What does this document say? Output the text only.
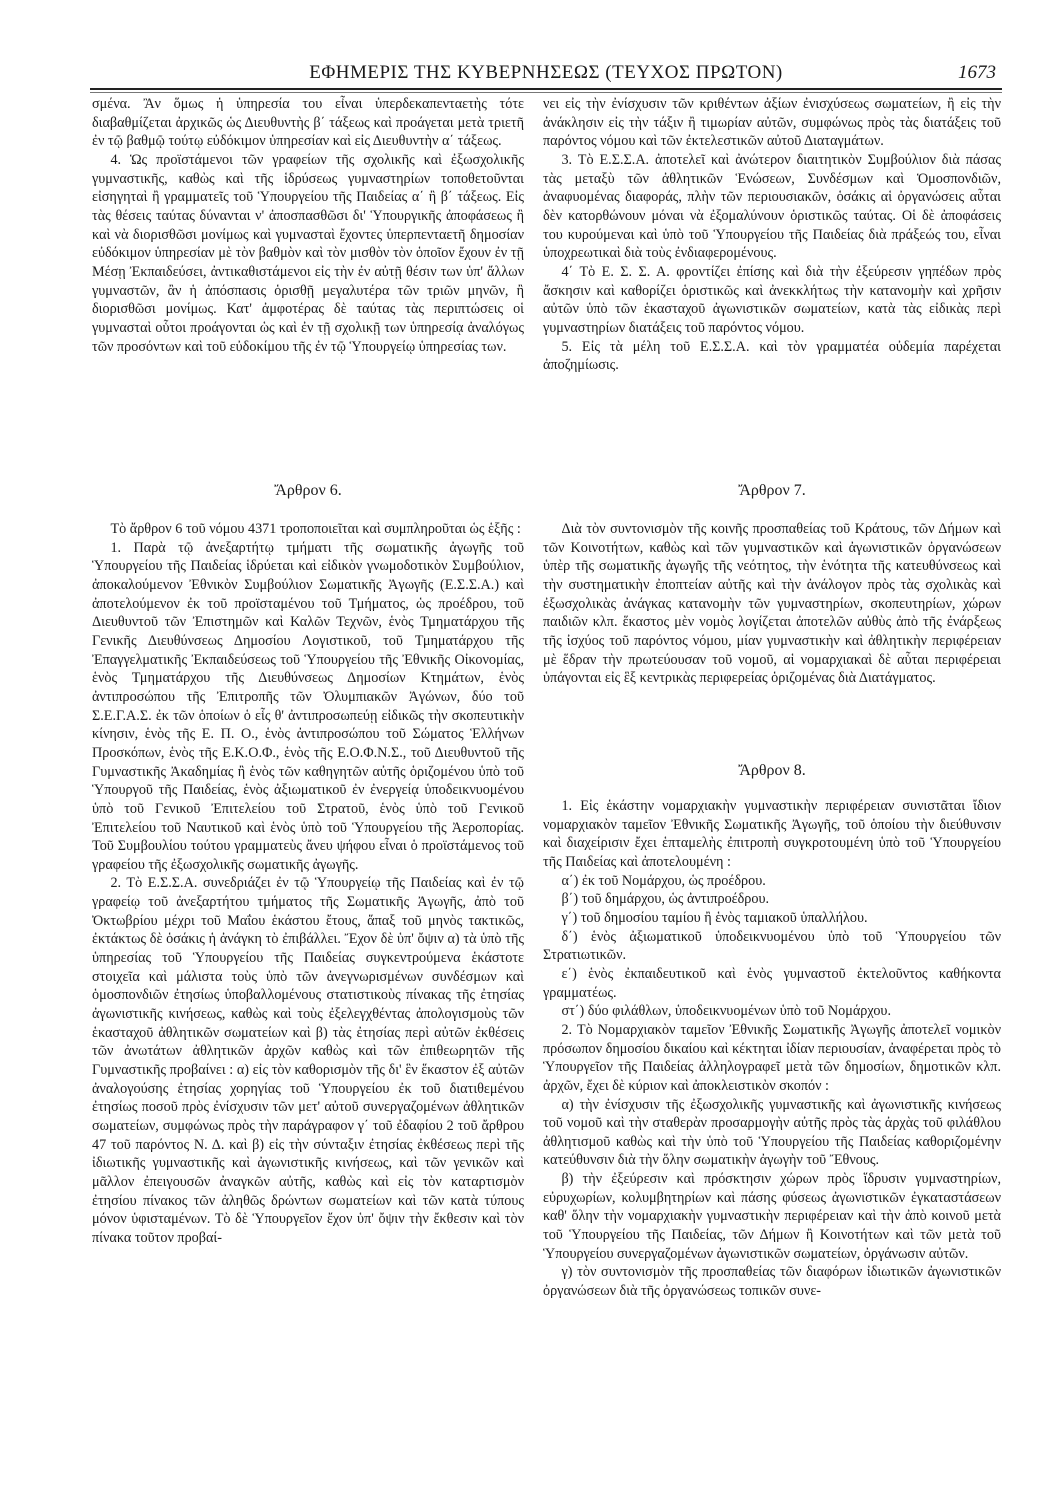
ΕΦΗΜΕΡΙΣ ΤΗΣ ΚΥΒΕΡΝΗΣΕΩΣ (ΤΕΥΧΟΣ ΠΡΩΤΟΝ)	1673

σμένα. Ἂν ὅμως ἡ ὑπηρεσία του εἶναι ὑπερδεκαπενταετὴς τότε διαβαθμίζεται ἀρχικῶς ὡς Διευθυντὴς β΄ τάξεως καὶ προάγεται μετὰ τριετῆ ἐν τῷ βαθμῷ τούτῳ εὐδόκιμον ὑπηρεσίαν καὶ εἰς Διευθυντὴν α΄ τάξεως.

4. Ὡς προϊστάμενοι τῶν γραφείων τῆς σχολικῆς καὶ ἐξωσχολικῆς γυμναστικῆς, καθὼς καὶ τῆς ἱδρύσεως γυμναστηρίων τοποθετοῦνται εἰσηγηταὶ ἢ γραμματεῖς τοῦ Ὑπουργείου τῆς Παιδείας α΄ ἢ β΄ τάξεως. Εἰς τὰς θέσεις ταύτας δύνανται ν' ἀποσπασθῶσι δι' Ὑπουργικῆς ἀποφάσεως ἢ καὶ νὰ διορισθῶσι μονίμως καὶ γυμνασταὶ ἔχοντες ὑπερπενταετῆ δημοσίαν εὐδόκιμον ὑπηρεσίαν μὲ τὸν βαθμὸν καὶ τὸν μισθὸν τὸν ὁποῖον ἔχουν ἐν τῇ Μέσῃ Ἐκπαιδεύσει, ἀντικαθιστάμενοι εἰς τὴν ἐν αὐτῇ θέσιν των ὑπ' ἄλλων γυμναστῶν, ἂν ἡ ἀπόσπασις ὁρισθῇ μεγαλυτέρα τῶν τριῶν μηνῶν, ἢ διορισθῶσι μονίμως. Κατ' ἀμφοτέρας δὲ ταύτας τὰς περιπτώσεις οἱ γυμνασταὶ οὗτοι προάγονται ὡς καὶ ἐν τῇ σχολικῇ των ὑπηρεσίᾳ ἀναλόγως τῶν προσόντων καὶ τοῦ εὐδοκίμου τῆς ἐν τῷ Ὑπουργείῳ ὑπηρεσίας των.

Ἄρθρον 6.

Τὸ ἄρθρον 6 τοῦ νόμου 4371 τροποποιεῖται καὶ συμπληροῦται ὡς ἑξῆς :

1. Παρὰ τῷ ἀνεξαρτήτῳ τμήματι τῆς σωματικῆς ἀγωγῆς τοῦ Ὑπουργείου τῆς Παιδείας ἱδρύεται καὶ εἰδικὸν γνωμοδοτικὸν Συμβούλιον, ἀποκαλούμενον Ἐθνικὸν Συμβούλιον Σωματικῆς Ἀγωγῆς (Ε.Σ.Σ.Α.) καὶ ἀποτελούμενον ἐκ τοῦ προϊσταμένου τοῦ Τμήματος, ὡς προέδρου, τοῦ Διευθυντοῦ τῶν Ἐπιστημῶν καὶ Καλῶν Τεχνῶν, ἑνὸς Τμηματάρχου τῆς Γενικῆς Διευθύνσεως Δημοσίου Λογιστικοῦ, τοῦ Τμηματάρχου τῆς Ἐπαγγελματικῆς Ἐκπαιδεύσεως τοῦ Ὑπουργείου τῆς Ἐθνικῆς Οἰκονομίας, ἑνὸς Τμηματάρχου τῆς Διευθύνσεως Δημοσίων Κτημάτων, ἑνὸς ἀντιπροσώπου τῆς Ἐπιτροπῆς τῶν Ὀλυμπιακῶν Ἀγώνων, δύο τοῦ Σ.Ε.Γ.Α.Σ. ἐκ τῶν ὁποίων ὁ εἷς θ' ἀντιπροσωπεύῃ εἰδικῶς τὴν σκοπευτικὴν κίνησιν, ἑνὸς τῆς Ε. Π. Ο., ἑνὸς ἀντιπροσώπου τοῦ Σώματος Ἑλλήνων Προσκόπων, ἑνὸς τῆς Ε.Κ.Ο.Φ., ἑνὸς τῆς Ε.Ο.Φ.Ν.Σ., τοῦ Διευθυντοῦ τῆς Γυμναστικῆς Ἀκαδημίας ἢ ἑνὸς τῶν καθηγητῶν αὐτῆς ὁριζομένου ὑπὸ τοῦ Ὑπουργοῦ τῆς Παιδείας, ἑνὸς ἀξιωματικοῦ ἐν ἐνεργείᾳ ὑποδεικνυομένου ὑπὸ τοῦ Γενικοῦ Ἐπιτελείου τοῦ Στρατοῦ, ἑνὸς ὑπὸ τοῦ Γενικοῦ Ἐπιτελείου τοῦ Ναυτικοῦ καὶ ἑνὸς ὑπὸ τοῦ Ὑπουργείου τῆς Ἀεροπορίας. Τοῦ Συμβουλίου τούτου γραμματεὺς ἄνευ ψήφου εἶναι ὁ προϊστάμενος τοῦ γραφείου τῆς ἐξωσχολικῆς σωματικῆς ἀγωγῆς.

2. Τὸ Ε.Σ.Σ.Α. συνεδριάζει ἐν τῷ Ὑπουργείῳ τῆς Παιδείας καὶ ἐν τῷ γραφείῳ τοῦ ἀνεξαρτήτου τμήματος τῆς Σωματικῆς Ἀγωγῆς, ἀπὸ τοῦ Ὀκτωβρίου μέχρι τοῦ Μαΐου ἑκάστου ἔτους, ἅπαξ τοῦ μηνὸς τακτικῶς, ἐκτάκτως δὲ ὁσάκις ἡ ἀνάγκη τὸ ἐπιβάλλει. Ἔχον δὲ ὑπ' ὄψιν α) τὰ ὑπὸ τῆς ὑπηρεσίας τοῦ Ὑπουργείου τῆς Παιδείας συγκεντρούμενα ἑκάστοτε στοιχεῖα καὶ μάλιστα τοὺς ὑπὸ τῶν ἀνεγνωρισμένων συνδέσμων καὶ ὁμοσπονδιῶν ἐτησίως ὑποβαλλομένους στατιστικοὺς πίνακας τῆς ἐτησίας ἀγωνιστικῆς κινήσεως, καθὼς καὶ τοὺς ἐξελεγχθέντας ἀπολογισμοὺς τῶν ἑκασταχοῦ ἀθλητικῶν σωματείων καὶ β) τὰς ἐτησίας περὶ αὐτῶν ἐκθέσεις τῶν ἀνωτάτων ἀθλητικῶν ἀρχῶν καθὼς καὶ τῶν ἐπιθεωρητῶν τῆς Γυμναστικῆς προβαίνει : α) εἰς τὸν καθορισμὸν τῆς δι' ἓν ἕκαστον ἐξ αὐτῶν ἀναλογούσης ἐτησίας χορηγίας τοῦ Ὑπουργείου ἐκ τοῦ διατιθεμένου ἐτησίως ποσοῦ πρὸς ἐνίσχυσιν τῶν μετ' αὐτοῦ συνεργαζομένων ἀθλητικῶν σωματείων, συμφώνως πρὸς τὴν παράγραφον γ΄ τοῦ ἐδαφίου 2 τοῦ ἄρθρου 47 τοῦ παρόντος Ν. Δ. καὶ β) εἰς τὴν σύνταξιν ἐτησίας ἐκθέσεως περὶ τῆς ἰδιωτικῆς γυμναστικῆς καὶ ἀγωνιστικῆς κινήσεως, καὶ τῶν γενικῶν καὶ μᾶλλον ἐπειγουσῶν ἀναγκῶν αὐτῆς, καθὼς καὶ εἰς τὸν καταρτισμὸν ἐτησίου πίνακος τῶν ἀληθῶς δρώντων σωματείων καὶ τῶν κατὰ τύπους μόνον ὑφισταμένων. Τὸ δὲ Ὑπουργεῖον ἔχον ὑπ' ὄψιν τὴν ἔκθεσιν καὶ τὸν πίνακα τοῦτον προβαί-

νει εἰς τὴν ἐνίσχυσιν τῶν κριθέντων ἀξίων ἐνισχύσεως σωματείων, ἢ εἰς τὴν ἀνάκλησιν εἰς τὴν τάξιν ἢ τιμωρίαν αὐτῶν, συμφώνως πρὸς τὰς διατάξεις τοῦ παρόντος νόμου καὶ τῶν ἐκτελεστικῶν αὐτοῦ Διαταγμάτων.

3. Τὸ Ε.Σ.Σ.Α. ἀποτελεῖ καὶ ἀνώτερον διαιτητικὸν Συμβούλιον διὰ πάσας τὰς μεταξὺ τῶν ἀθλητικῶν Ἑνώσεων, Συνδέσμων καὶ Ὁμοσπονδιῶν, ἀναφυομένας διαφοράς, πλὴν τῶν περιουσιακῶν, ὁσάκις αἱ ὀργανώσεις αὗται δὲν κατορθώνουν μόναι νὰ ἐξομαλύνουν ὁριστικῶς ταύτας. Οἱ δὲ ἀποφάσεις του κυρούμεναι καὶ ὑπὸ τοῦ Ὑπουργείου τῆς Παιδείας διὰ πράξεώς του, εἶναι ὑποχρεωτικαὶ διὰ τοὺς ἐνδιαφερομένους.

4΄ Τὸ Ε. Σ. Σ. Α. φροντίζει ἐπίσης καὶ διὰ τὴν ἐξεύρεσιν γηπέδων πρὸς ἄσκησιν καὶ καθορίζει ὁριστικῶς καὶ ἀνεκκλήτως τὴν κατανομὴν καὶ χρῆσιν αὐτῶν ὑπὸ τῶν ἑκασταχοῦ ἀγωνιστικῶν σωματείων, κατὰ τὰς εἰδικὰς περὶ γυμναστηρίων διατάξεις τοῦ παρόντος νόμου.

5. Εἰς τὰ μέλη τοῦ Ε.Σ.Σ.Α. καὶ τὸν γραμματέα οὐδεμία παρέχεται ἀποζημίωσις.

Ἄρθρον 7.

Διὰ τὸν συντονισμὸν τῆς κοινῆς προσπαθείας τοῦ Κράτους, τῶν Δήμων καὶ τῶν Κοινοτήτων, καθὼς καὶ τῶν γυμναστικῶν καὶ ἀγωνιστικῶν ὀργανώσεων ὑπὲρ τῆς σωματικῆς ἀγωγῆς τῆς νεότητος, τὴν ἑνότητα τῆς κατευθύνσεως καὶ τὴν συστηματικὴν ἐποπτείαν αὐτῆς καὶ τὴν ἀνάλογον πρὸς τὰς σχολικὰς καὶ ἐξωσχολικὰς ἀνάγκας κατανομὴν τῶν γυμναστηρίων, σκοπευτηρίων, χώρων παιδιῶν κλπ. ἕκαστος μὲν νομὸς λογίζεται ἀποτελῶν αὐθὺς ἀπὸ τῆς ἐνάρξεως τῆς ἰσχύος τοῦ παρόντος νόμου, μίαν γυμναστικὴν καὶ ἀθλητικὴν περιφέρειαν μὲ ἕδραν τὴν πρωτεύουσαν τοῦ νομοῦ, αἱ νομαρχιακαὶ δὲ αὗται περιφέρειαι ὑπάγονται εἰς ἓξ κεντρικὰς περιφερείας ὁριζομένας διὰ Διατάγματος.

Ἄρθρον 8.

1. Εἰς ἑκάστην νομαρχιακὴν γυμναστικὴν περιφέρειαν συνιστᾶται ἴδιον νομαρχιακὸν ταμεῖον Ἐθνικῆς Σωματικῆς Ἀγωγῆς, τοῦ ὁποίου τὴν διεύθυνσιν καὶ διαχείρισιν ἔχει ἑπταμελὴς ἐπιτροπὴ συγκροτουμένη ὑπὸ τοῦ Ὑπουργείου τῆς Παιδείας καὶ ἀποτελουμένη :

α΄) ἐκ τοῦ Νομάρχου, ὡς προέδρου.

β΄) τοῦ δημάρχου, ὡς ἀντιπροέδρου.

γ΄) τοῦ δημοσίου ταμίου ἢ ἑνὸς ταμιακοῦ ὑπαλλήλου.

δ΄) ἑνὸς ἀξιωματικοῦ ὑποδεικνυομένου ὑπὸ τοῦ Ὑπουργείου τῶν Στρατιωτικῶν.

ε΄) ἑνὸς ἐκπαιδευτικοῦ καὶ ἑνὸς γυμναστοῦ ἐκτελοῦντος καθήκοντα γραμματέως.

στ΄) δύο φιλάθλων, ὑποδεικνυομένων ὑπὸ τοῦ Νομάρχου.

2. Τὸ Νομαρχιακὸν ταμεῖον Ἐθνικῆς Σωματικῆς Ἀγωγῆς ἀποτελεῖ νομικὸν πρόσωπον δημοσίου δικαίου καὶ κέκτηται ἰδίαν περιουσίαν, ἀναφέρεται πρὸς τὸ Ὑπουργεῖον τῆς Παιδείας ἀλληλογραφεῖ μετὰ τῶν δημοσίων, δημοτικῶν κλπ. ἀρχῶν, ἔχει δὲ κύριον καὶ ἀποκλειστικὸν σκοπόν :

α) τὴν ἐνίσχυσιν τῆς ἐξωσχολικῆς γυμναστικῆς καὶ ἀγωνιστικῆς κινήσεως τοῦ νομοῦ καὶ τὴν σταθερὰν προσαρμογὴν αὐτῆς πρὸς τὰς ἀρχὰς τοῦ φιλάθλου ἀθλητισμοῦ καθὼς καὶ τὴν ὑπὸ τοῦ Ὑπουργείου τῆς Παιδείας καθοριζομένην κατεύθυνσιν διὰ τὴν ὅλην σωματικὴν ἀγωγὴν τοῦ Ἔθνους.

β) τὴν ἐξεύρεσιν καὶ πρόσκτησιν χώρων πρὸς ἵδρυσιν γυμναστηρίων, εὐρυχωρίων, κολυμβητηρίων καὶ πάσης φύσεως ἀγωνιστικῶν ἐγκαταστάσεων καθ' ὅλην τὴν νομαρχιακὴν γυμναστικὴν περιφέρειαν καὶ τὴν ἀπὸ κοινοῦ μετὰ τοῦ Ὑπουργείου τῆς Παιδείας, τῶν Δήμων ἢ Κοινοτήτων καὶ τῶν μετὰ τοῦ Ὑπουργείου συνεργαζομένων ἀγωνιστικῶν σωματείων, ὀργάνωσιν αὐτῶν.

γ) τὸν συντονισμὸν τῆς προσπαθείας τῶν διαφόρων ἰδιωτικῶν ἀγωνιστικῶν ὀργανώσεων διὰ τῆς ὀργανώσεως τοπικῶν συνε-
